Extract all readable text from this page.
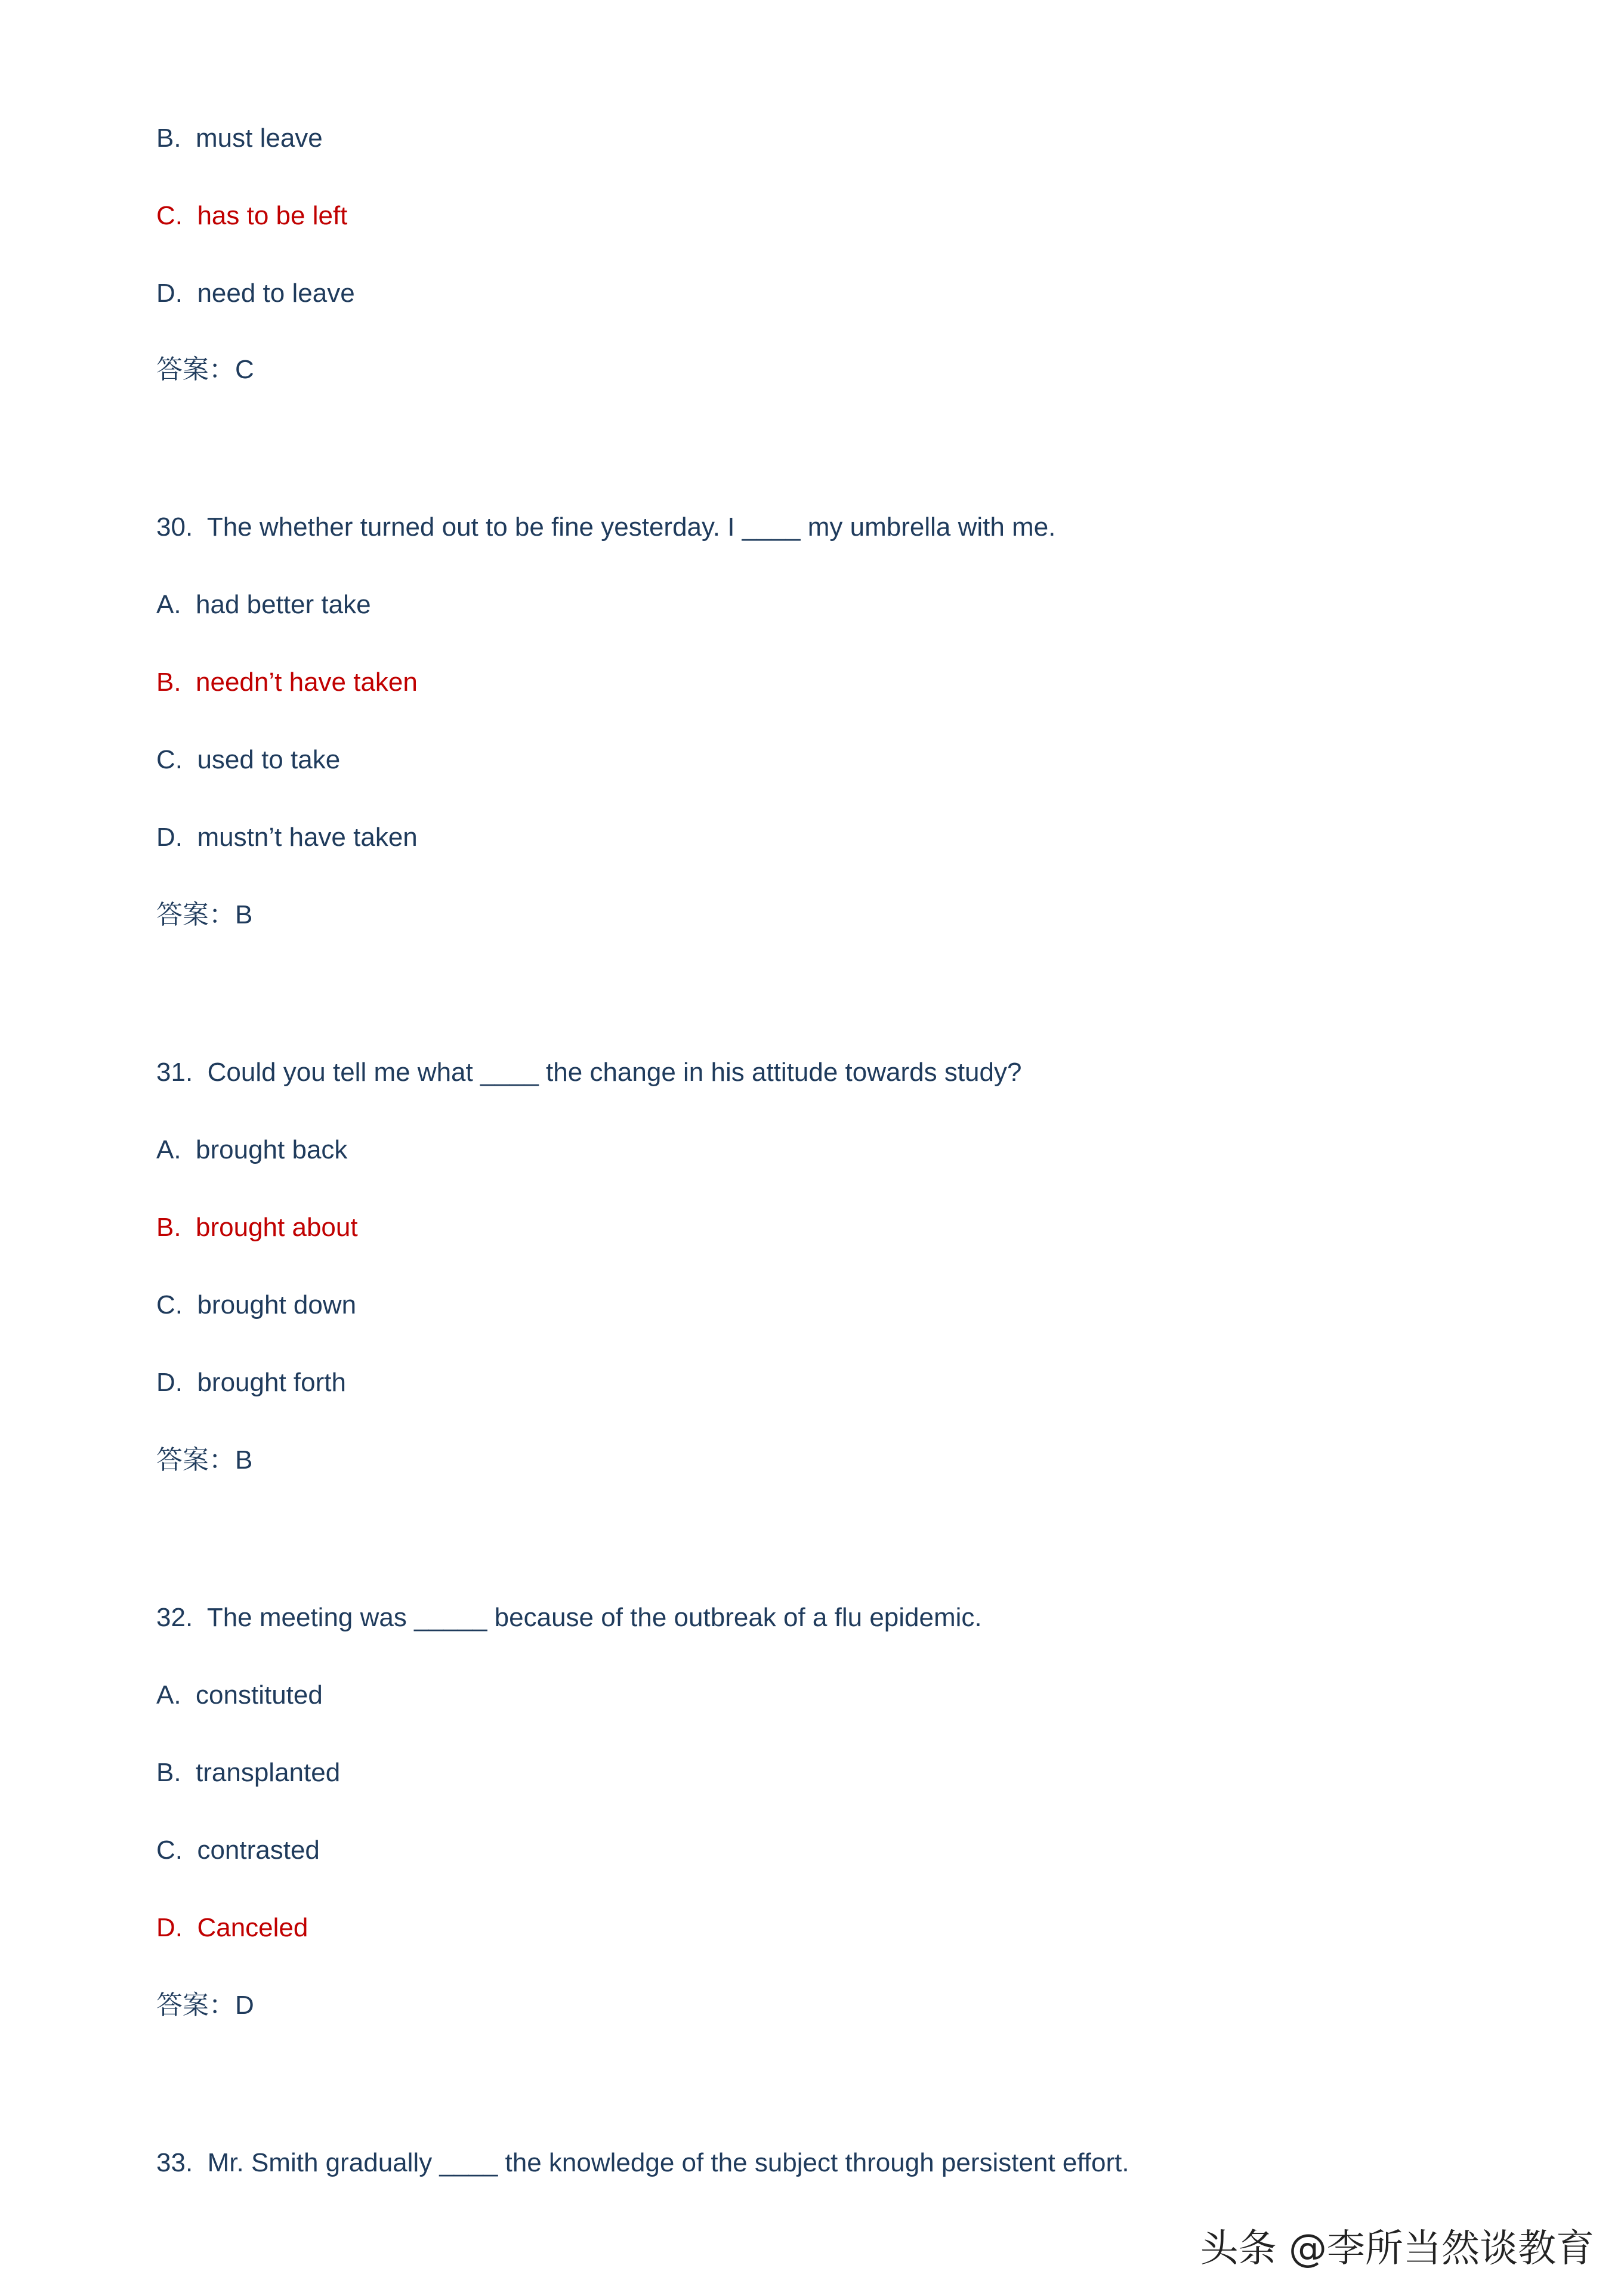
B.  must leave
C.  has to be left
D.  need to leave
答案：C
30.  The whether turned out to be fine yesterday. I ____ my umbrella with me.
A.  had better take
B.  needn’t have taken
C.  used to take
D.  mustn’t have taken
答案：B
31.  Could you tell me what ____ the change in his attitude towards study?
A.  brought back
B.  brought about
C.  brought down
D.  brought forth
答案：B
32.  The meeting was _____ because of the outbreak of a flu epidemic.
A.  constituted
B.  transplanted
C.  contrasted
D.  Canceled
答案：D
33.  Mr. Smith gradually ____ the knowledge of the subject through persistent effort.
头条 @李所当然谈教育
